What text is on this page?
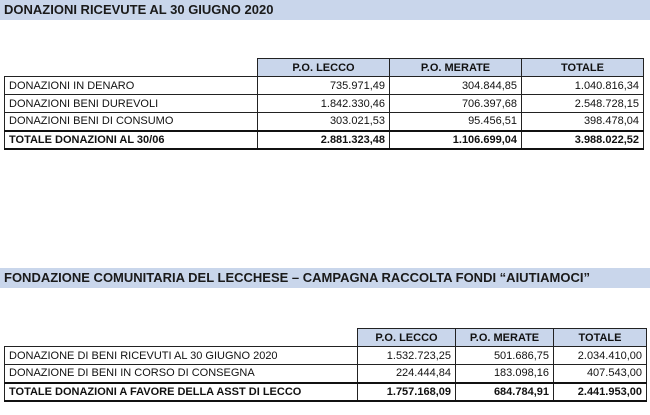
DONAZIONI RICEVUTE AL 30 GIUGNO 2020
	P.O. LECCO	P.O. MERATE	TOTALE
DONAZIONI IN DENARO	735.971,49	304.844,85	1.040.816,34
DONAZIONI BENI DUREVOLI	1.842.330,46	706.397,68	2.548.728,15
DONAZIONI BENI DI CONSUMO	303.021,53	95.456,51	398.478,04
TOTALE DONAZIONI AL 30/06	2.881.323,48	1.106.699,04	3.988.022,52
FONDAZIONE COMUNITARIA DEL LECCHESE – CAMPAGNA RACCOLTA FONDI “AIUTIAMOCI”
	P.O. LECCO	P.O. MERATE	TOTALE
DONAZIONE DI BENI RICEVUTI AL 30 GIUGNO 2020	1.532.723,25	501.686,75	2.034.410,00
DONAZIONE DI BENI IN CORSO DI CONSEGNA	224.444,84	183.098,16	407.543,00
TOTALE DONAZIONI A FAVORE DELLA ASST DI LECCO	1.757.168,09	684.784,91	2.441.953,00
